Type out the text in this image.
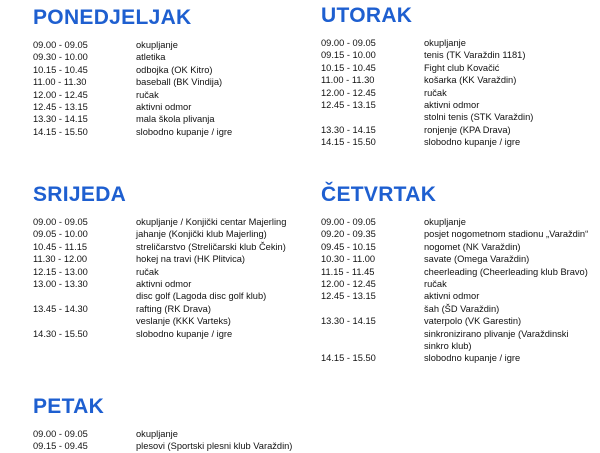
PONEDJELJAK
09.00 - 09.05	okupljanje
09.30 - 10.00	atletika
10.15 - 10.45	odbojka (OK Kitro)
11.00 - 11.30	baseball (BK Vindija)
12.00 - 12.45	ručak
12.45 - 13.15	aktivni odmor
13.30 - 14.15	mala škola plivanja
14.15 - 15.50	slobodno kupanje / igre
UTORAK
09.00 - 09.05	okupljanje
09.15 - 10.00	tenis (TK Varaždin 1181)
10.15 - 10.45	Fight club Kovačić
11.00 - 11.30	košarka (KK Varaždin)
12.00 - 12.45	ručak
12.45 - 13.15	aktivni odmor
stolni tenis (STK Varaždin)
13.30 - 14.15	ronjenje (KPA Drava)
14.15 - 15.50	slobodno kupanje / igre
SRIJEDA
09.00 - 09.05	okupljanje / Konjički centar Majerling
09.05 - 10.00	jahanje (Konjički klub Majerling)
10.45 - 11.15	streličarstvo (Streličarski klub Čekin)
11.30 - 12.00	hokej na travi (HK Plitvica)
12.15 - 13.00	ručak
13.00 - 13.30	aktivni odmor
disc golf (Lagoda disc golf klub)
13.45 - 14.30	rafting (RK Drava)
veslanje (KKK Varteks)
14.30 - 15.50	slobodno kupanje / igre
ČETVRTAK
09.00 - 09.05	okupljanje
09.20 - 09.35	posjet nogometnom stadionu „Varaždin“
09.45 - 10.15	nogomet (NK Varaždin)
10.30 - 11.00	savate (Omega Varaždin)
11.15 - 11.45	cheerleading (Cheerleading klub Bravo)
12.00 - 12.45	ručak
12.45 - 13.15	aktivni odmor
šah (ŠD Varaždin)
13.30 - 14.15	vaterpolo (VK Garestin)
sinkronizirano plivanje (Varaždinski sinkro klub)
14.15 - 15.50	slobodno kupanje / igre
PETAK
09.00 - 09.05	okupljanje
09.15 - 09.45	plesovi (Sportski plesni klub Varaždin)
